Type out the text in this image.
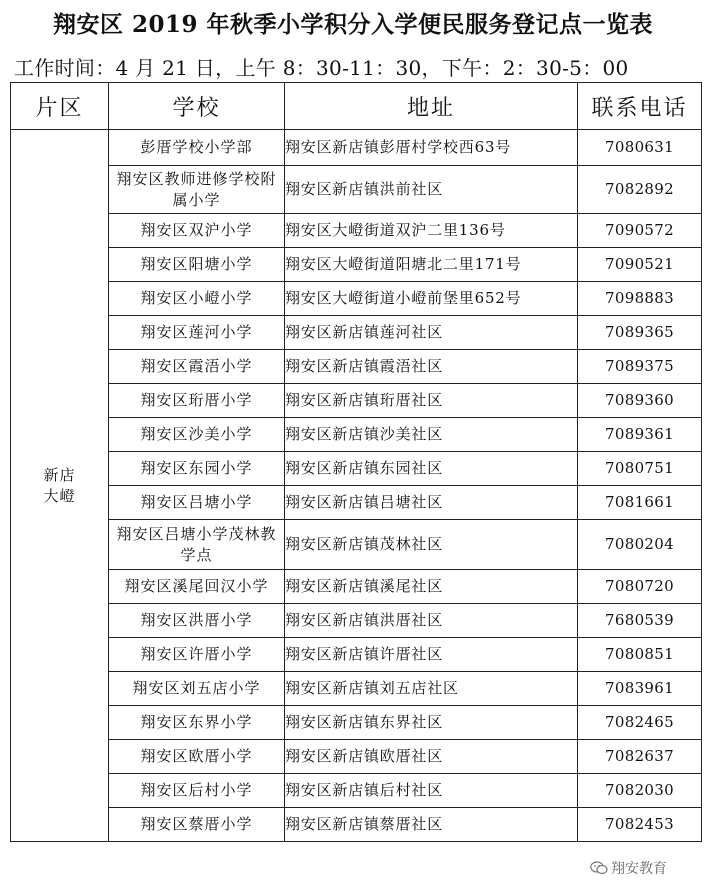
翔安区 2019 年秋季小学积分入学便民服务登记点一览表
工作时间：4 月 21 日，上午 8：30-11：30，下午：2：30-5：00
片区	学校	地址	联系电话

新店
大嶝	彭厝学校小学部	翔安区新店镇彭厝村学校西63号	7080631
	翔安区教师进修学校附属小学	翔安区新店镇洪前社区	7082892
	翔安区双沪小学	翔安区大嶝街道双沪二里136号	7090572
	翔安区阳塘小学	翔安区大嶝街道阳塘北二里171号	7090521
	翔安区小嶝小学	翔安区大嶝街道小嶝前堡里652号	7098883
	翔安区莲河小学	翔安区新店镇莲河社区	7089365
	翔安区霞浯小学	翔安区新店镇霞浯社区	7089375
	翔安区珩厝小学	翔安区新店镇珩厝社区	7089360
	翔安区沙美小学	翔安区新店镇沙美社区	7089361
	翔安区东园小学	翔安区新店镇东园社区	7080751
	翔安区吕塘小学	翔安区新店镇吕塘社区	7081661
	翔安区吕塘小学茂林教学点	翔安区新店镇茂林社区	7080204
	翔安区溪尾回汉小学	翔安区新店镇溪尾社区	7080720
	翔安区洪厝小学	翔安区新店镇洪厝社区	7680539
	翔安区许厝小学	翔安区新店镇许厝社区	7080851
	翔安区刘五店小学	翔安区新店镇刘五店社区	7083961
	翔安区东界小学	翔安区新店镇东界社区	7082465
	翔安区欧厝小学	翔安区新店镇欧厝社区	7082637
	翔安区后村小学	翔安区新店镇后村社区	7082030
	翔安区蔡厝小学	翔安区新店镇蔡厝社区	7082453
翔安教育
